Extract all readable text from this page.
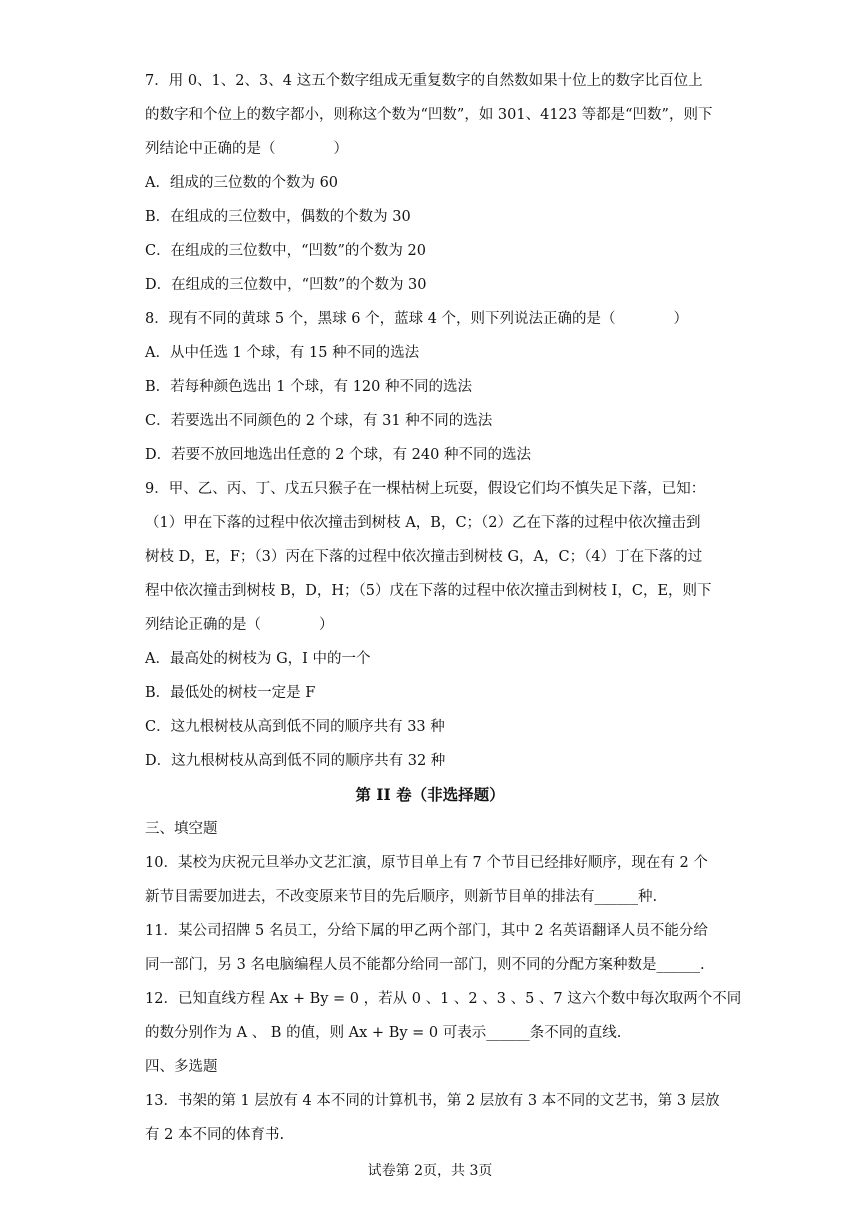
7．用 0、1、2、3、4 这五个数字组成无重复数字的自然数如果十位上的数字比百位上
的数字和个位上的数字都小，则称这个数为“凹数”，如 301、4123 等都是“凹数”，则下
列结论中正确的是（　　　　）
A．组成的三位数的个数为 60
B．在组成的三位数中，偶数的个数为 30
C．在组成的三位数中，“凹数”的个数为 20
D．在组成的三位数中，“凹数”的个数为 30
8．现有不同的黄球 5 个，黑球 6 个，蓝球 4 个，则下列说法正确的是（　　　　）
A．从中任选 1 个球，有 15 种不同的选法
B．若每种颜色选出 1 个球，有 120 种不同的选法
C．若要选出不同颜色的 2 个球，有 31 种不同的选法
D．若要不放回地选出任意的 2 个球，有 240 种不同的选法
9．甲、乙、丙、丁、戊五只猴子在一棵枯树上玩耍，假设它们均不慎失足下落，已知：
（1）甲在下落的过程中依次撞击到树枝 A，B，C；（2）乙在下落的过程中依次撞击到
树枝 D，E，F；（3）丙在下落的过程中依次撞击到树枝 G，A，C；（4）丁在下落的过
程中依次撞击到树枝 B，D，H；（5）戊在下落的过程中依次撞击到树枝 I，C，E，则下
列结论正确的是（　　　　）
A．最高处的树枝为 G，I 中的一个
B．最低处的树枝一定是 F
C．这九根树枝从高到低不同的顺序共有 33 种
D．这九根树枝从高到低不同的顺序共有 32 种
第 II 卷（非选择题）
三、填空题
10．某校为庆祝元旦举办文艺汇演，原节目单上有 7 个节目已经排好顺序，现在有 2 个
新节目需要加进去，不改变原来节目的先后顺序，则新节目单的排法有______种.
11．某公司招牌 5 名员工，分给下属的甲乙两个部门，其中 2 名英语翻译人员不能分给
同一部门，另 3 名电脑编程人员不能都分给同一部门，则不同的分配方案种数是______.
12．已知直线方程 Ax + By = 0 ，若从 0 、1 、2 、3 、5 、7 这六个数中每次取两个不同
的数分别作为 A 、 B 的值，则 Ax + By = 0 可表示______条不同的直线.
四、多选题
13．书架的第 1 层放有 4 本不同的计算机书，第 2 层放有 3 本不同的文艺书，第 3 层放
有 2 本不同的体育书.
试卷第 2页，共 3页
